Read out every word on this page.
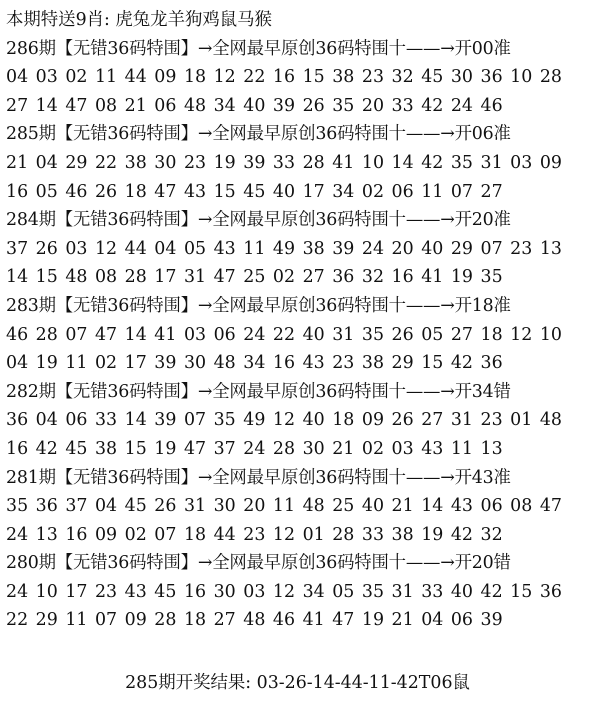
本期特送9肖: 虎兔龙羊狗鸡鼠马猴
286期【无错36码特围】→全网最早原创36码特围十——→开00准
04 03 02 11 44 09 18 12 22 16 15 38 23 32 45 30 36 10 28
27 14 47 08 21 06 48 34 40 39 26 35 20 33 42 24 46
285期【无错36码特围】→全网最早原创36码特围十——→开06准
21 04 29 22 38 30 23 19 39 33 28 41 10 14 42 35 31 03 09
16 05 46 26 18 47 43 15 45 40 17 34 02 06 11 07 27
284期【无错36码特围】→全网最早原创36码特围十——→开20准
37 26 03 12 44 04 05 43 11 49 38 39 24 20 40 29 07 23 13
14 15 48 08 28 17 31 47 25 02 27 36 32 16 41 19 35
283期【无错36码特围】→全网最早原创36码特围十——→开18准
46 28 07 47 14 41 03 06 24 22 40 31 35 26 05 27 18 12 10
04 19 11 02 17 39 30 48 34 16 43 23 38 29 15 42 36
282期【无错36码特围】→全网最早原创36码特围十——→开34错
36 04 06 33 14 39 07 35 49 12 40 18 09 26 27 31 23 01 48
16 42 45 38 15 19 47 37 24 28 30 21 02 03 43 11 13
281期【无错36码特围】→全网最早原创36码特围十——→开43准
35 36 37 04 45 26 31 30 20 11 48 25 40 21 14 43 06 08 47
24 13 16 09 02 07 18 44 23 12 01 28 33 38 19 42 32
280期【无错36码特围】→全网最早原创36码特围十——→开20错
24 10 17 23 43 45 16 30 03 12 34 05 35 31 33 40 42 15 36
22 29 11 07 09 28 18 27 48 46 41 47 19 21 04 06 39
285期开奖结果: 03-26-14-44-11-42T06鼠
